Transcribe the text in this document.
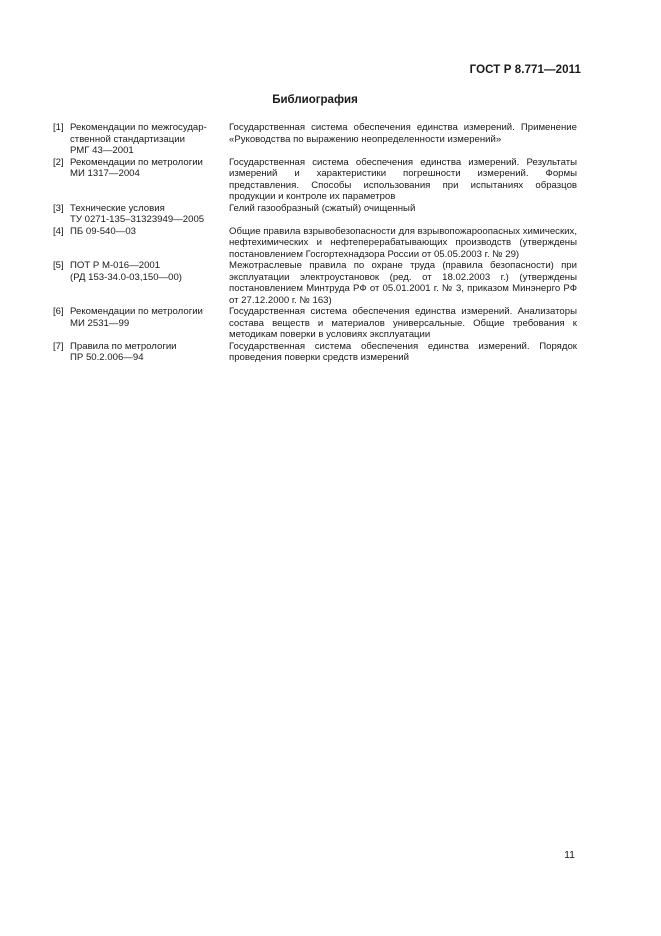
ГОСТ Р 8.771—2011
Библиография
[1] Рекомендации по межгосудар-
ственной стандартизации
РМГ 43—2001
Государственная система обеспечения единства измерений. Применение «Руководства по выражению неопределенности измерений»
[2] Рекомендации по метрологии
МИ 1317—2004
Государственная система обеспечения единства измерений. Результаты измерений и характеристики погрешности измерений. Формы представления. Способы использования при испытаниях образцов продукции и контроле их параметров
[3] Технические условия
ТУ 0271-135–31323949—2005
Гелий газообразный (сжатый) очищенный
[4] ПБ 09-540—03	Общие правила взрывобезопасности для взрывопожароопасных химических, нефтехимических и нефтеперерабатывающих производств (утверждены постановлением Госгортехнадзора России от 05.05.2003 г. № 29)
[5] ПОТ Р М-016—2001
(РД 153-34.0-03,150—00)
Межотраслевые правила по охране труда (правила безопасности) при эксплуатации электроустановок (ред. от 18.02.2003 г.) (утверждены постановлением Минтруда РФ от 05.01.2001 г. № 3, приказом Минэнерго РФ от 27.12.2000 г. № 163)
[6] Рекомендации по метрологии
МИ 2531—99
Государственная система обеспечения единства измерений. Анализаторы состава веществ и материалов универсальные. Общие требования к методикам поверки в условиях эксплуатации
[7] Правила по метрологии
ПР 50.2.006—94
Государственная система обеспечения единства измерений. Порядок проведения поверки средств измерений
11
